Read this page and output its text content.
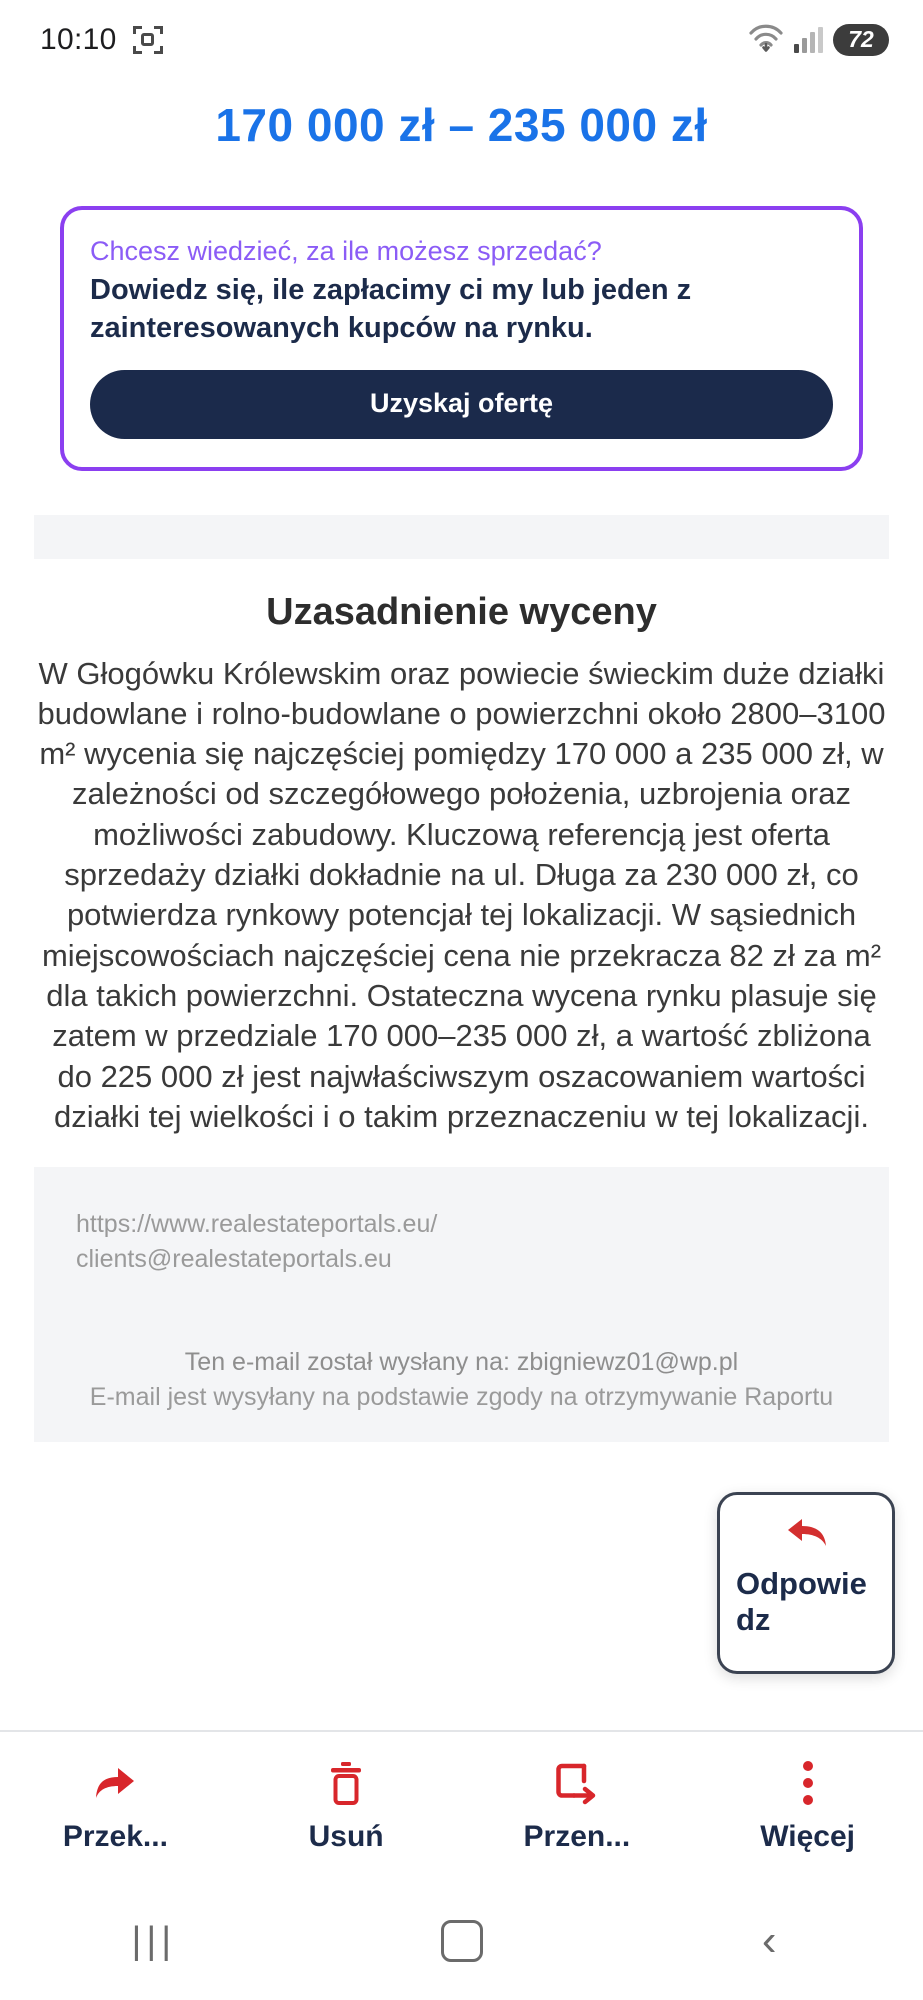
10:10	72
170 000 zł – 235 000 zł
Chcesz wiedzieć, za ile możesz sprzedać?
Dowiedz się, ile zapłacimy ci my lub jeden z zainteresowanych kupców na rynku.
Uzyskaj ofertę
Uzasadnienie wyceny

W Głogówku Królewskim oraz powiecie świeckim duże działki budowlane i rolno-budowlane o powierzchni około 2800–3100 m² wycenia się najczęściej pomiędzy 170 000 a 235 000 zł, w zależności od szczegółowego położenia, uzbrojenia oraz możliwości zabudowy. Kluczową referencją jest oferta sprzedaży działki dokładnie na ul. Długa za 230 000 zł, co potwierdza rynkowy potencjał tej lokalizacji. W sąsiednich miejscowościach najczęściej cena nie przekracza 82 zł za m² dla takich powierzchni. Ostateczna wycena rynku plasuje się zatem w przedziale 170 000–235 000 zł, a wartość zbliżona do 225 000 zł jest najwłaściwszym oszacowaniem wartości działki tej wielkości i o takim przeznaczeniu w tej lokalizacji.

https://www.realestateportals.eu/
clients@realestateportals.eu
Ten e-mail został wysłany na: zbigniewz01@wp.pl
E-mail jest wysyłany na podstawie zgody na otrzymywanie Raportu
Odpowiedz
Przek...	Usuń	Przen...	Więcej
|||	‹
